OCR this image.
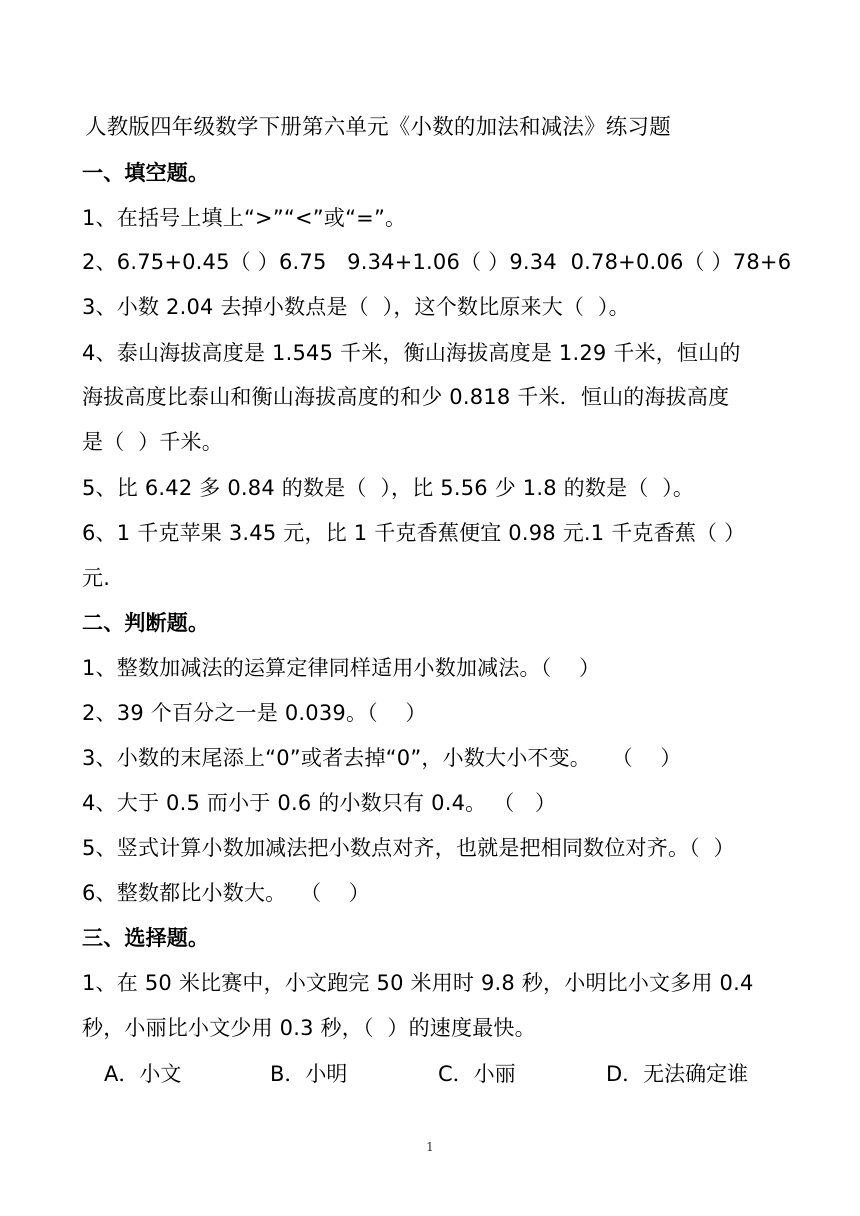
人教版四年级数学下册第六单元《小数的加法和减法》练习题
一、填空题。
1、在括号上填上“>”“<”或“=”。
2、6.75+0.45（ ）6.75   9.34+1.06（ ）9.34  0.78+0.06（ ）78+6
3、小数 2.04 去掉小数点是（  ），这个数比原来大（  ）。
4、泰山海拔高度是 1.545 千米，衡山海拔高度是 1.29 千米，恒山的
海拔高度比泰山和衡山海拔高度的和少 0.818 千米．恒山的海拔高度
是（  ）千米。
5、比 6.42 多 0.84 的数是（  ），比 5.56 少 1.8 的数是（  ）。
6、1 千克苹果 3.45 元，比 1 千克香蕉便宜 0.98 元.1 千克香蕉（ ）
元.
二、判断题。
1、整数加减法的运算定律同样适用小数加减法。（    ）
2、39 个百分之一是 0.039。（    ）
3、小数的末尾添上“0”或者去掉“0”，小数大小不变。   （    ）
4、大于 0.5 而小于 0.6 的小数只有 0.4。 （   ）
5、竖式计算小数加减法把小数点对齐，也就是把相同数位对齐。（  ）
6、整数都比小数大。  （    ）
三、选择题。
1、在 50 米比赛中，小文跑完 50 米用时 9.8 秒，小明比小文多用 0.4
秒，小丽比小文少用 0.3 秒，（  ）的速度最快。
A．小文	B．小明	C．小丽	D．无法确定谁
1
